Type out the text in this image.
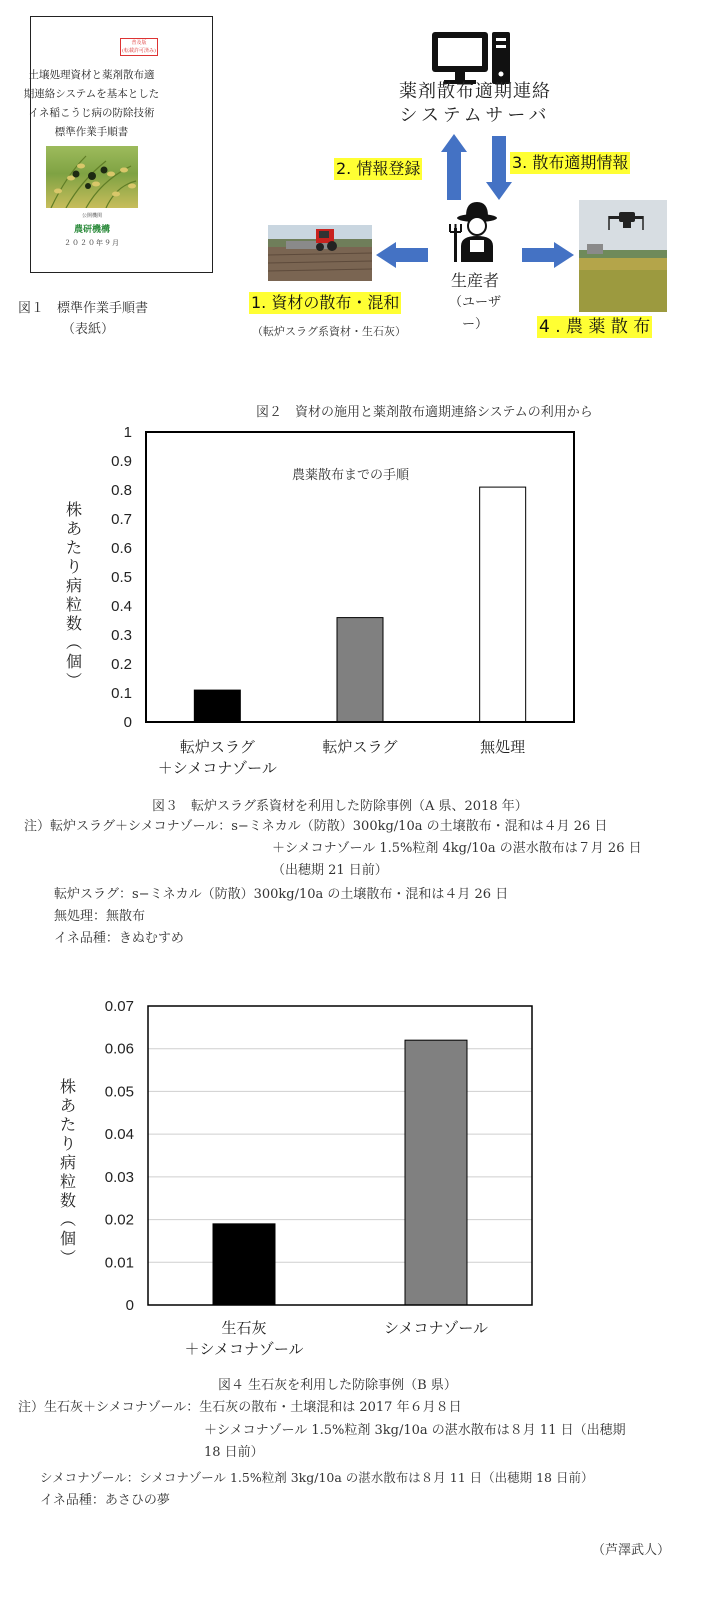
普及版
(転載許可済み)
土壌処理資材と薬剤散布適
期連絡システムを基本とした
イネ稲こうじ病の防除技術
標準作業手順書
公開機関
農研機構
２０２０年９月
図１　標準作業手順書
（表紙）
薬剤散布適期連絡
システムサーバ
2. 情報登録	3. 散布適期情報
生産者
（ユーザー）
1. 資材の散布・混和
（転炉スラグ系資材・生石灰）	4 . 農 薬 散 布

図２　資材の施用と薬剤散布適期連絡システムの利用から

農薬散布までの手順

0
0.1
0.2
0.3
0.4
0.5
0.6
0.7
0.8
0.9
1
転炉スラグ
＋シメコナゾール
転炉スラグ	無処理
株
あ
た
り
病
粒
数
（
個
）
図３　転炉スラグ系資材を利用した防除事例（A 県、2018 年）
注）転炉スラグ＋シメコナゾール：s−ミネカル（防散）300kg/10a の土壌散布・混和は４月 26 日
＋シメコナゾール 1.5%粒剤 4kg/10a の湛水散布は７月 26 日
（出穂期 21 日前）
転炉スラグ：s−ミネカル（防散）300kg/10a の土壌散布・混和は４月 26 日
無処理：無散布
イネ品種：きぬむすめ
0
0.01
0.02
0.03
0.04
0.05
0.06
0.07
生石灰
＋シメコナゾール
シメコナゾール
株
あ
た
り
病
粒
数
（
個
）
図４ 生石灰を利用した防除事例（B 県）
注）生石灰＋シメコナゾール：生石灰の散布・土壌混和は 2017 年６月８日
＋シメコナゾール 1.5%粒剤 3kg/10a の湛水散布は８月 11 日（出穂期
18 日前）
シメコナゾール：シメコナゾール 1.5%粒剤 3kg/10a の湛水散布は８月 11 日（出穂期 18 日前）
イネ品種：あさひの夢
（芦澤武人）
